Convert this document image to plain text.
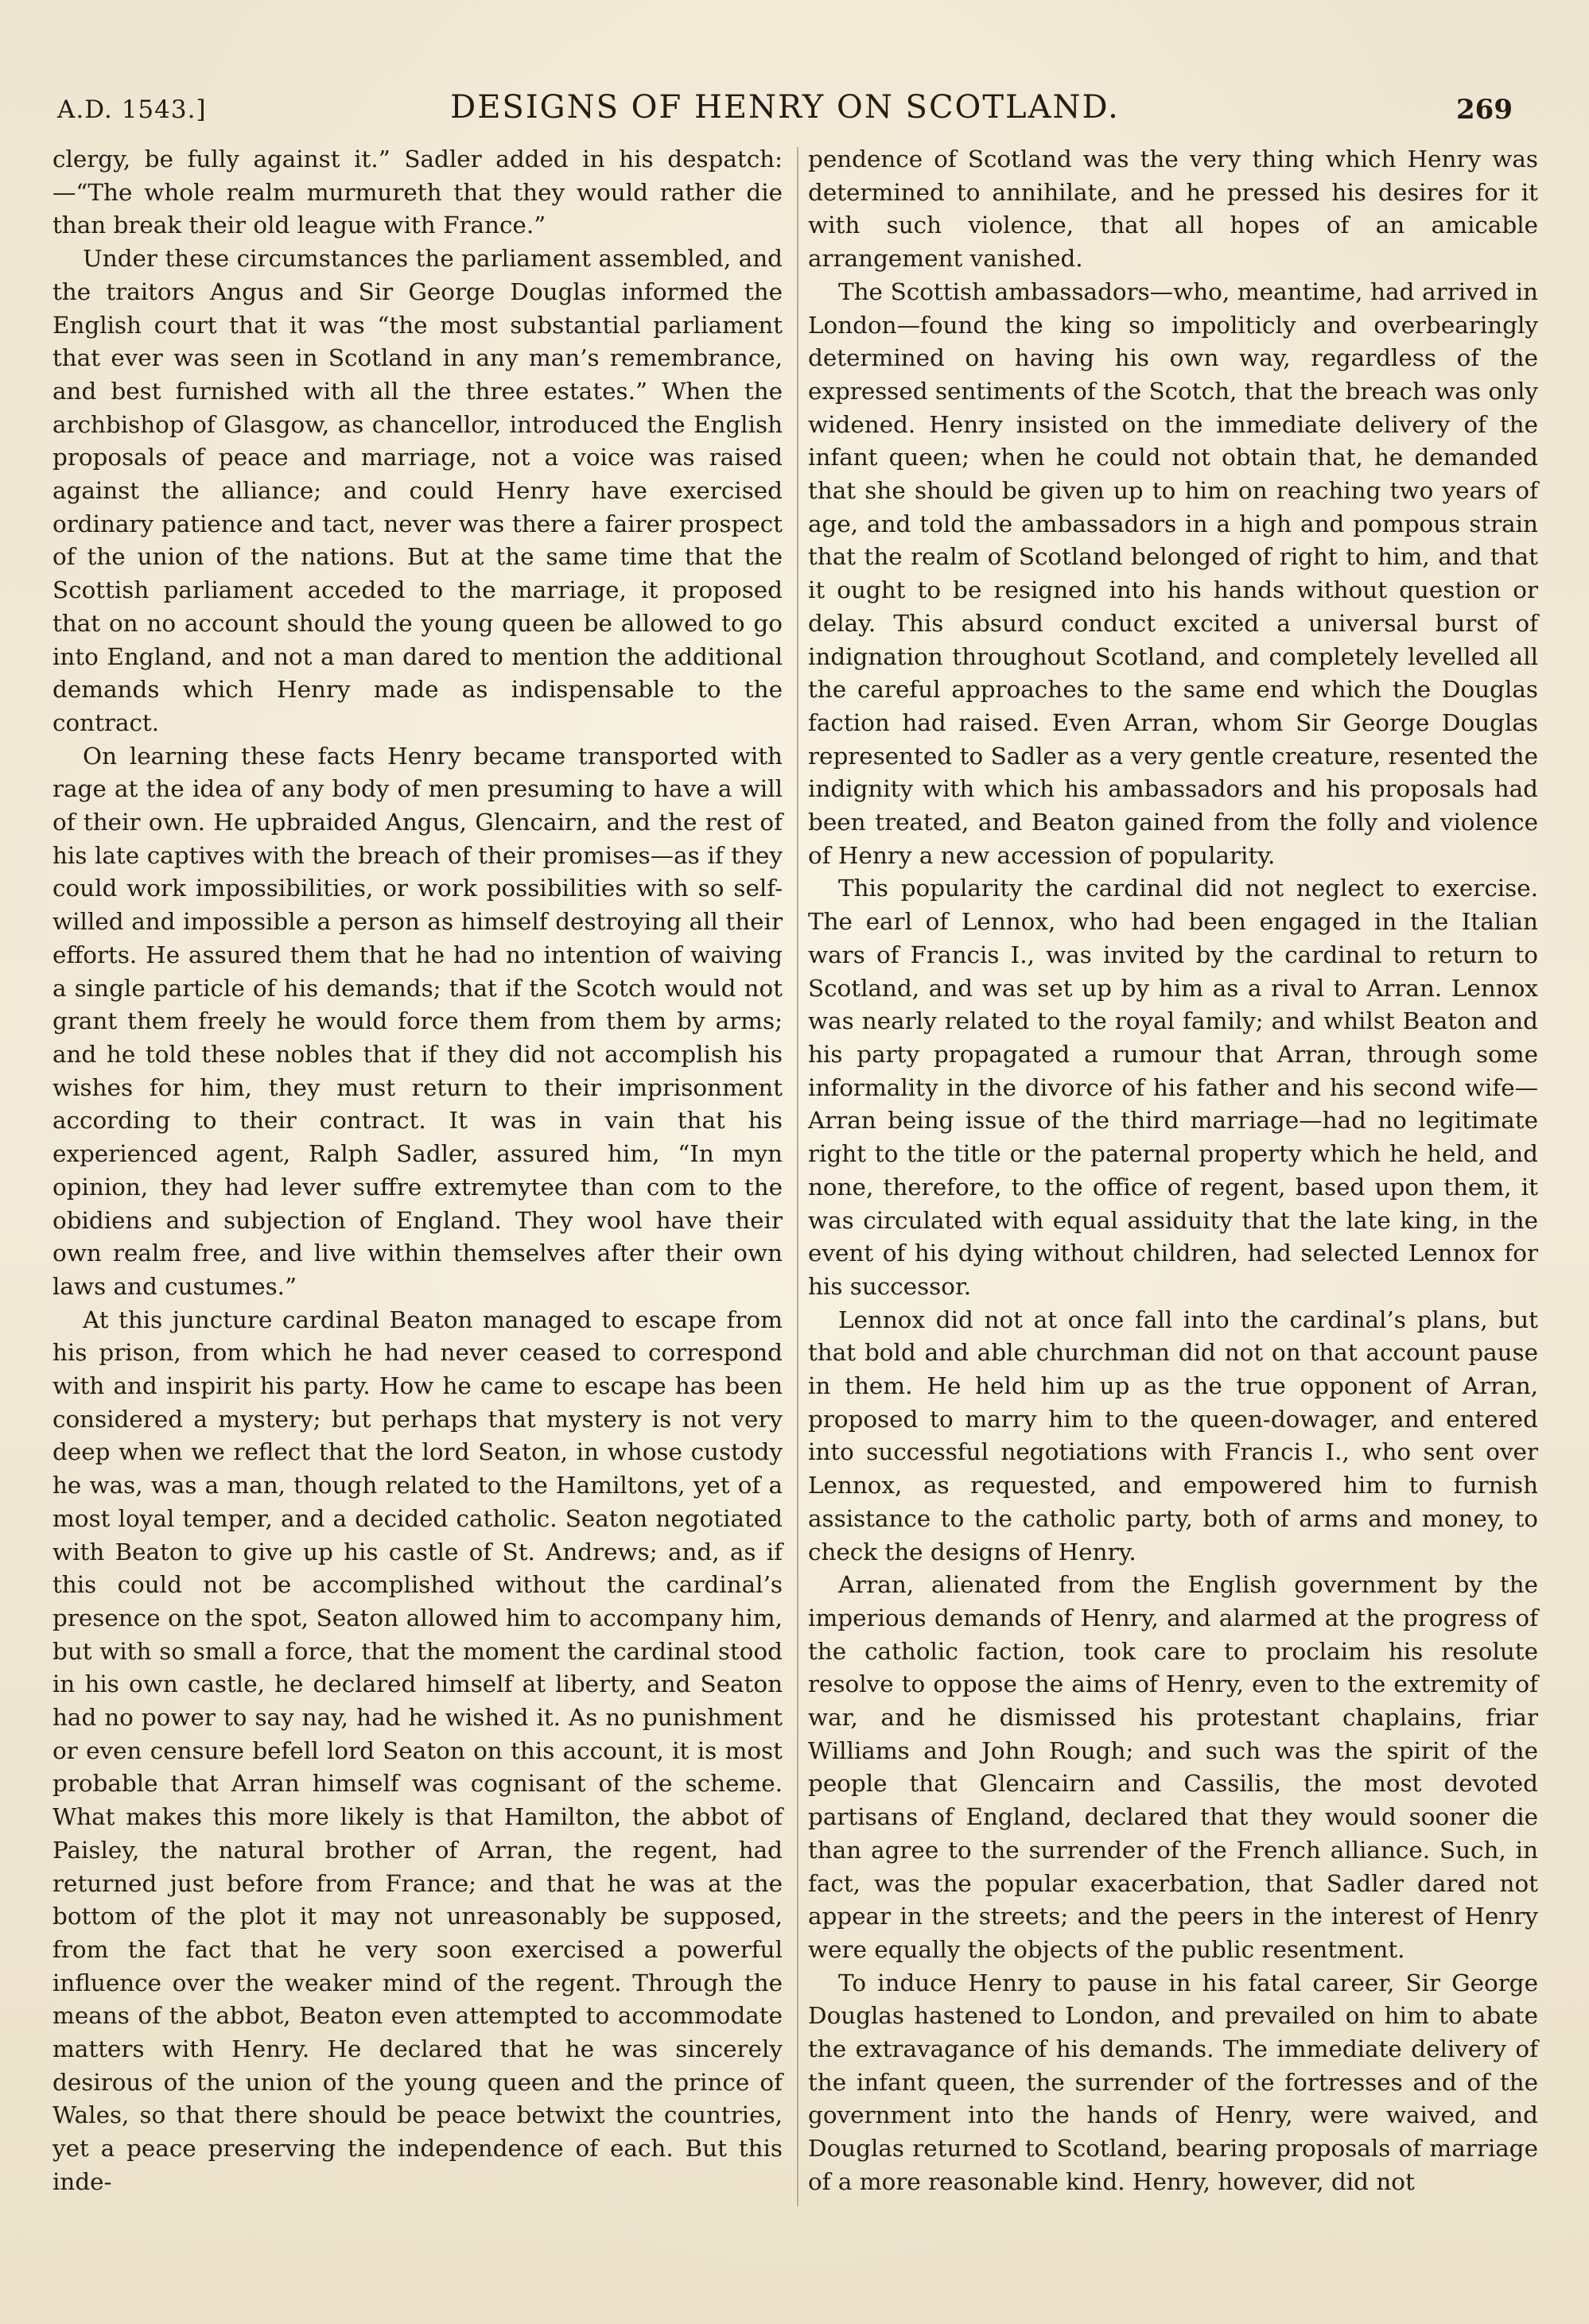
A.D. 1543.]	DESIGNS OF HENRY ON SCOTLAND.	269

clergy, be fully against it.” Sadler added in his despatch:—“The whole realm murmureth that they would rather die than break their old league with France.”

Under these circumstances the parliament assembled, and the traitors Angus and Sir George Douglas informed the English court that it was “the most substantial parliament that ever was seen in Scotland in any man’s remembrance, and best furnished with all the three estates.” When the archbishop of Glasgow, as chancellor, introduced the English proposals of peace and marriage, not a voice was raised against the alliance; and could Henry have exercised ordinary patience and tact, never was there a fairer prospect of the union of the nations. But at the same time that the Scottish parliament acceded to the marriage, it proposed that on no account should the young queen be allowed to go into England, and not a man dared to mention the additional demands which Henry made as indispensable to the contract.

On learning these facts Henry became transported with rage at the idea of any body of men presuming to have a will of their own. He upbraided Angus, Glencairn, and the rest of his late captives with the breach of their promises—as if they could work impossibilities, or work possibilities with so self-willed and impossible a person as himself destroying all their efforts. He assured them that he had no intention of waiving a single particle of his demands; that if the Scotch would not grant them freely he would force them from them by arms; and he told these nobles that if they did not accomplish his wishes for him, they must return to their imprisonment according to their contract. It was in vain that his experienced agent, Ralph Sadler, assured him, “In myn opinion, they had lever suffre extremytee than com to the obidiens and subjection of England. They wool have their own realm free, and live within themselves after their own laws and custumes.”

At this juncture cardinal Beaton managed to escape from his prison, from which he had never ceased to correspond with and inspirit his party. How he came to escape has been considered a mystery; but perhaps that mystery is not very deep when we reflect that the lord Seaton, in whose custody he was, was a man, though related to the Hamiltons, yet of a most loyal temper, and a decided catholic. Seaton negotiated with Beaton to give up his castle of St. Andrews; and, as if this could not be accomplished without the cardinal’s presence on the spot, Seaton allowed him to accompany him, but with so small a force, that the moment the cardinal stood in his own castle, he declared himself at liberty, and Seaton had no power to say nay, had he wished it. As no punishment or even censure befell lord Seaton on this account, it is most probable that Arran himself was cognisant of the scheme. What makes this more likely is that Hamilton, the abbot of Paisley, the natural brother of Arran, the regent, had returned just before from France; and that he was at the bottom of the plot it may not unreasonably be supposed, from the fact that he very soon exercised a powerful influence over the weaker mind of the regent. Through the means of the abbot, Beaton even attempted to accommodate matters with Henry. He declared that he was sincerely desirous of the union of the young queen and the prince of Wales, so that there should be peace betwixt the countries, yet a peace preserving the independence of each. But this inde-

pendence of Scotland was the very thing which Henry was determined to annihilate, and he pressed his desires for it with such violence, that all hopes of an amicable arrangement vanished.

The Scottish ambassadors—who, meantime, had arrived in London—found the king so impoliticly and overbearingly determined on having his own way, regardless of the expressed sentiments of the Scotch, that the breach was only widened. Henry insisted on the immediate delivery of the infant queen; when he could not obtain that, he demanded that she should be given up to him on reaching two years of age, and told the ambassadors in a high and pompous strain that the realm of Scotland belonged of right to him, and that it ought to be resigned into his hands without question or delay. This absurd conduct excited a universal burst of indignation throughout Scotland, and completely levelled all the careful approaches to the same end which the Douglas faction had raised. Even Arran, whom Sir George Douglas represented to Sadler as a very gentle creature, resented the indignity with which his ambassadors and his proposals had been treated, and Beaton gained from the folly and violence of Henry a new accession of popularity.

This popularity the cardinal did not neglect to exercise. The earl of Lennox, who had been engaged in the Italian wars of Francis I., was invited by the cardinal to return to Scotland, and was set up by him as a rival to Arran. Lennox was nearly related to the royal family; and whilst Beaton and his party propagated a rumour that Arran, through some informality in the divorce of his father and his second wife—Arran being issue of the third marriage—had no legitimate right to the title or the paternal property which he held, and none, therefore, to the office of regent, based upon them, it was circulated with equal assiduity that the late king, in the event of his dying without children, had selected Lennox for his successor.

Lennox did not at once fall into the cardinal’s plans, but that bold and able churchman did not on that account pause in them. He held him up as the true opponent of Arran, proposed to marry him to the queen-dowager, and entered into successful negotiations with Francis I., who sent over Lennox, as requested, and empowered him to furnish assistance to the catholic party, both of arms and money, to check the designs of Henry.

Arran, alienated from the English government by the imperious demands of Henry, and alarmed at the progress of the catholic faction, took care to proclaim his resolute resolve to oppose the aims of Henry, even to the extremity of war, and he dismissed his protestant chaplains, friar Williams and John Rough; and such was the spirit of the people that Glencairn and Cassilis, the most devoted partisans of England, declared that they would sooner die than agree to the surrender of the French alliance. Such, in fact, was the popular exacerbation, that Sadler dared not appear in the streets; and the peers in the interest of Henry were equally the objects of the public resentment.

To induce Henry to pause in his fatal career, Sir George Douglas hastened to London, and prevailed on him to abate the extravagance of his demands. The immediate delivery of the infant queen, the surrender of the fortresses and of the government into the hands of Henry, were waived, and Douglas returned to Scotland, bearing proposals of marriage of a more reasonable kind. Henry, however, did not
